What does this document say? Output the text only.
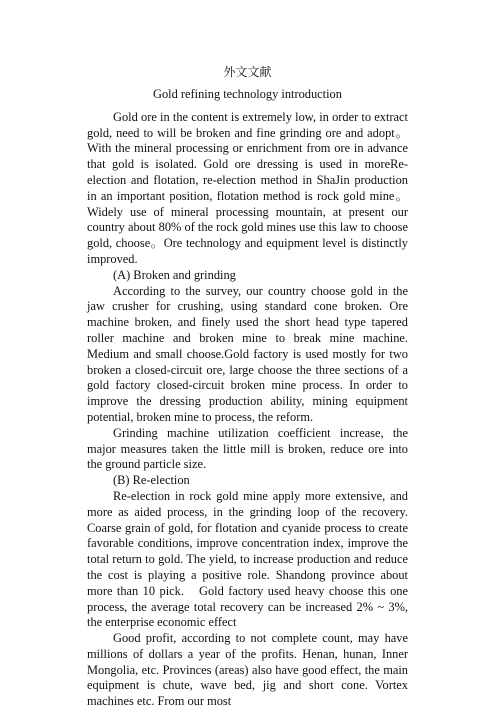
外文文献
Gold refining technology introduction

Gold ore in the content is extremely low, in order to extract gold, need to will be broken and fine grinding ore and adopt。With the mineral processing or enrichment from ore in advance that gold is isolated. Gold ore dressing is used in moreRe-election and flotation, re-election method in ShaJin production in an important position, flotation method is rock gold mine。Widely use of mineral processing mountain, at present our country about 80% of the rock gold mines use this law to choose gold, choose。Ore technology and equipment level is distinctly improved.

(A) Broken and grinding

According to the survey, our country choose gold in the jaw crusher for crushing, using standard cone broken. Ore machine broken, and finely used the short head type tapered roller machine and broken mine to break mine machine. Medium and small choose.Gold factory is used mostly for two broken a closed-circuit ore, large choose the three sections of a gold factory closed-circuit broken mine process. In order to improve the dressing production ability, mining equipment potential, broken mine to process, the reform.

Grinding machine utilization coefficient increase, the major measures taken the little mill is broken, reduce ore into the ground particle size.

(B) Re-election

Re-election in rock gold mine apply more extensive, and more as aided process, in the grinding loop of the recovery. Coarse grain of gold, for flotation and cyanide process to create favorable conditions, improve concentration index, improve the total return to gold. The yield, to increase production and reduce the cost is playing a positive role. Shandong province about more than 10 pick.　Gold factory used heavy choose this one process, the average total recovery can be increased 2% ~ 3%, the enterprise economic effect

Good profit, according to not complete count, may have millions of dollars a year of the profits. Henan, hunan, Inner Mongolia, etc. Provinces (areas) also have good effect, the main equipment is chute, wave bed, jig and short cone. Vortex machines etc. From our most
